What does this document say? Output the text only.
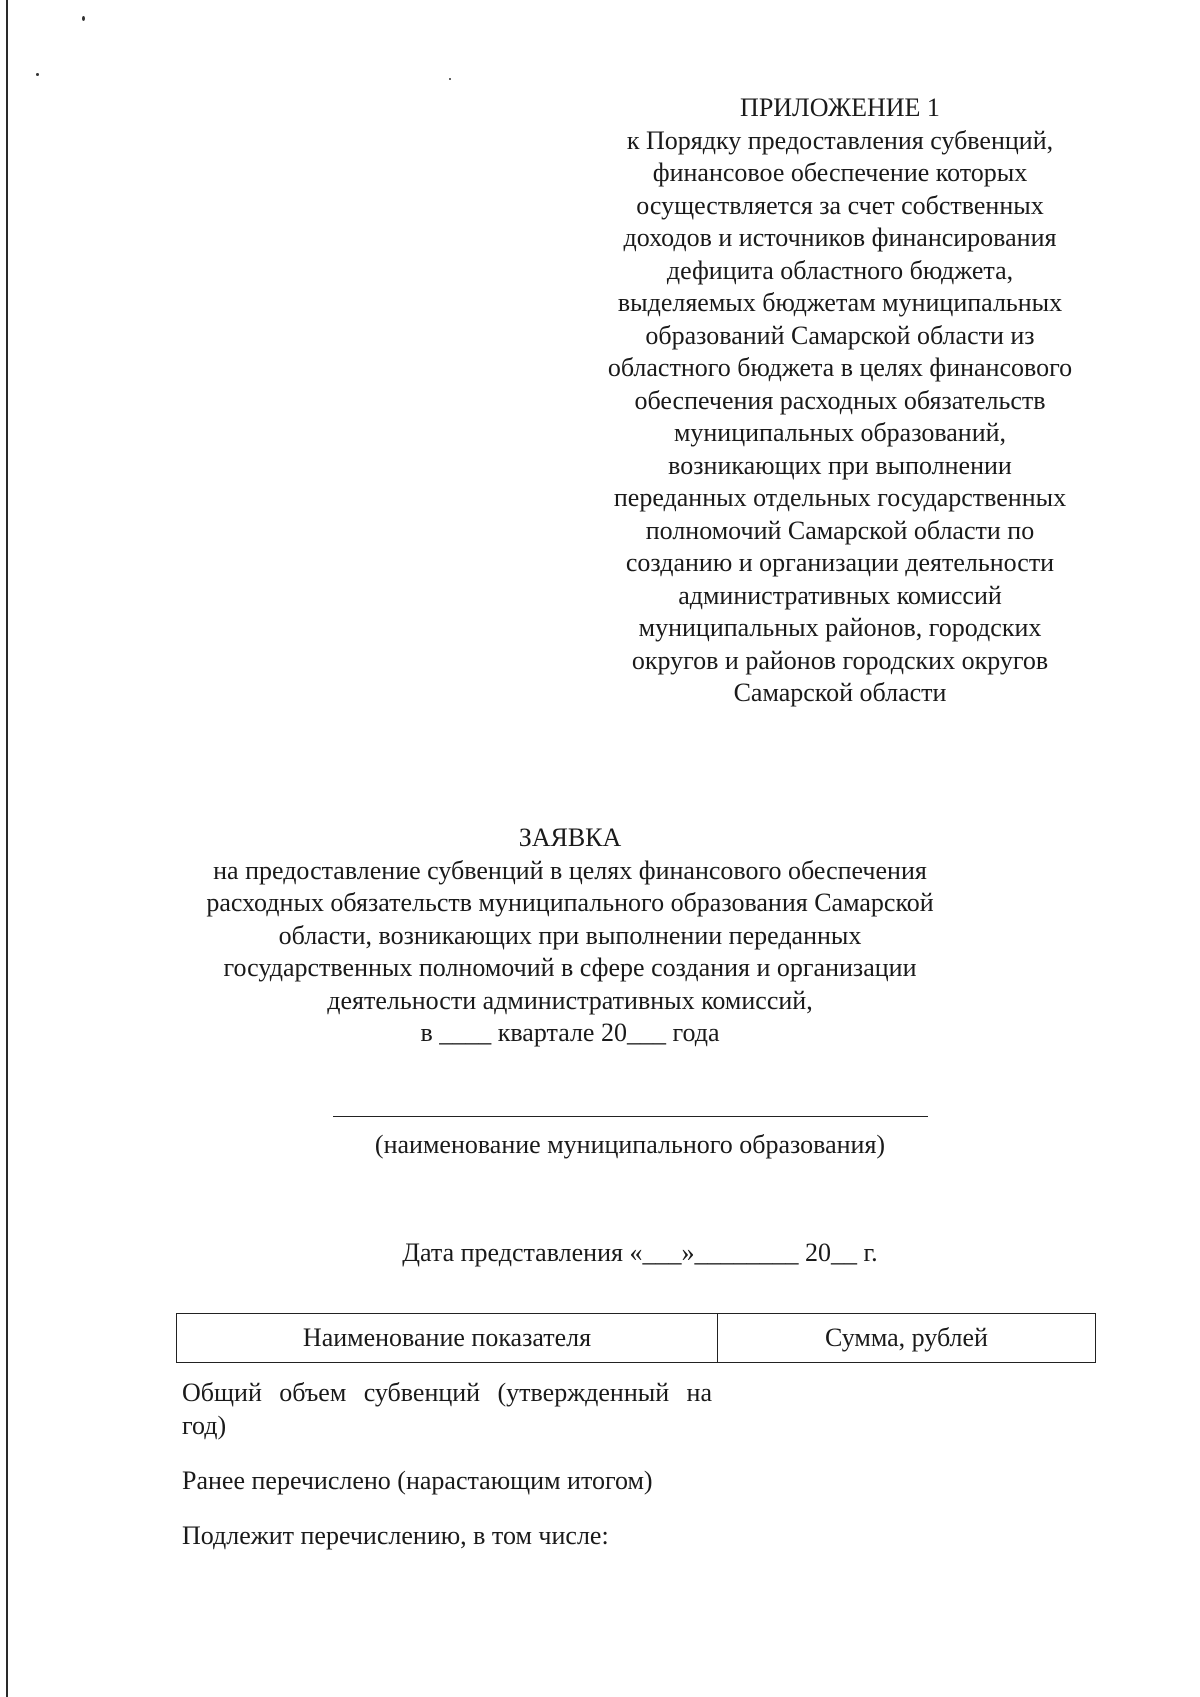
ПРИЛОЖЕНИЕ 1
к Порядку предоставления субвенций,
финансовое обеспечение которых
осуществляется за счет собственных
доходов и источников финансирования
дефицита областного бюджета,
выделяемых бюджетам муниципальных
образований Самарской области из
областного бюджета в целях финансового
обеспечения расходных обязательств
муниципальных образований,
возникающих при выполнении
переданных отдельных государственных
полномочий Самарской области по
созданию и организации деятельности
административных комиссий
муниципальных районов, городских
округов и районов городских округов
Самарской области
ЗАЯВКА
на предоставление субвенций в целях финансового обеспечения
расходных обязательств муниципального образования Самарской
области, возникающих при выполнении переданных
государственных полномочий в сфере создания и организации
деятельности административных комиссий,
в ____ квартале 20___ года
(наименование муниципального образования)
Дата представления «___»________ 20__ г.
Наименование показателя	Сумма, рублей
Общий объем субвенций (утвержденный на год)
Ранее перечислено (нарастающим итогом)
Подлежит перечислению, в том числе:
